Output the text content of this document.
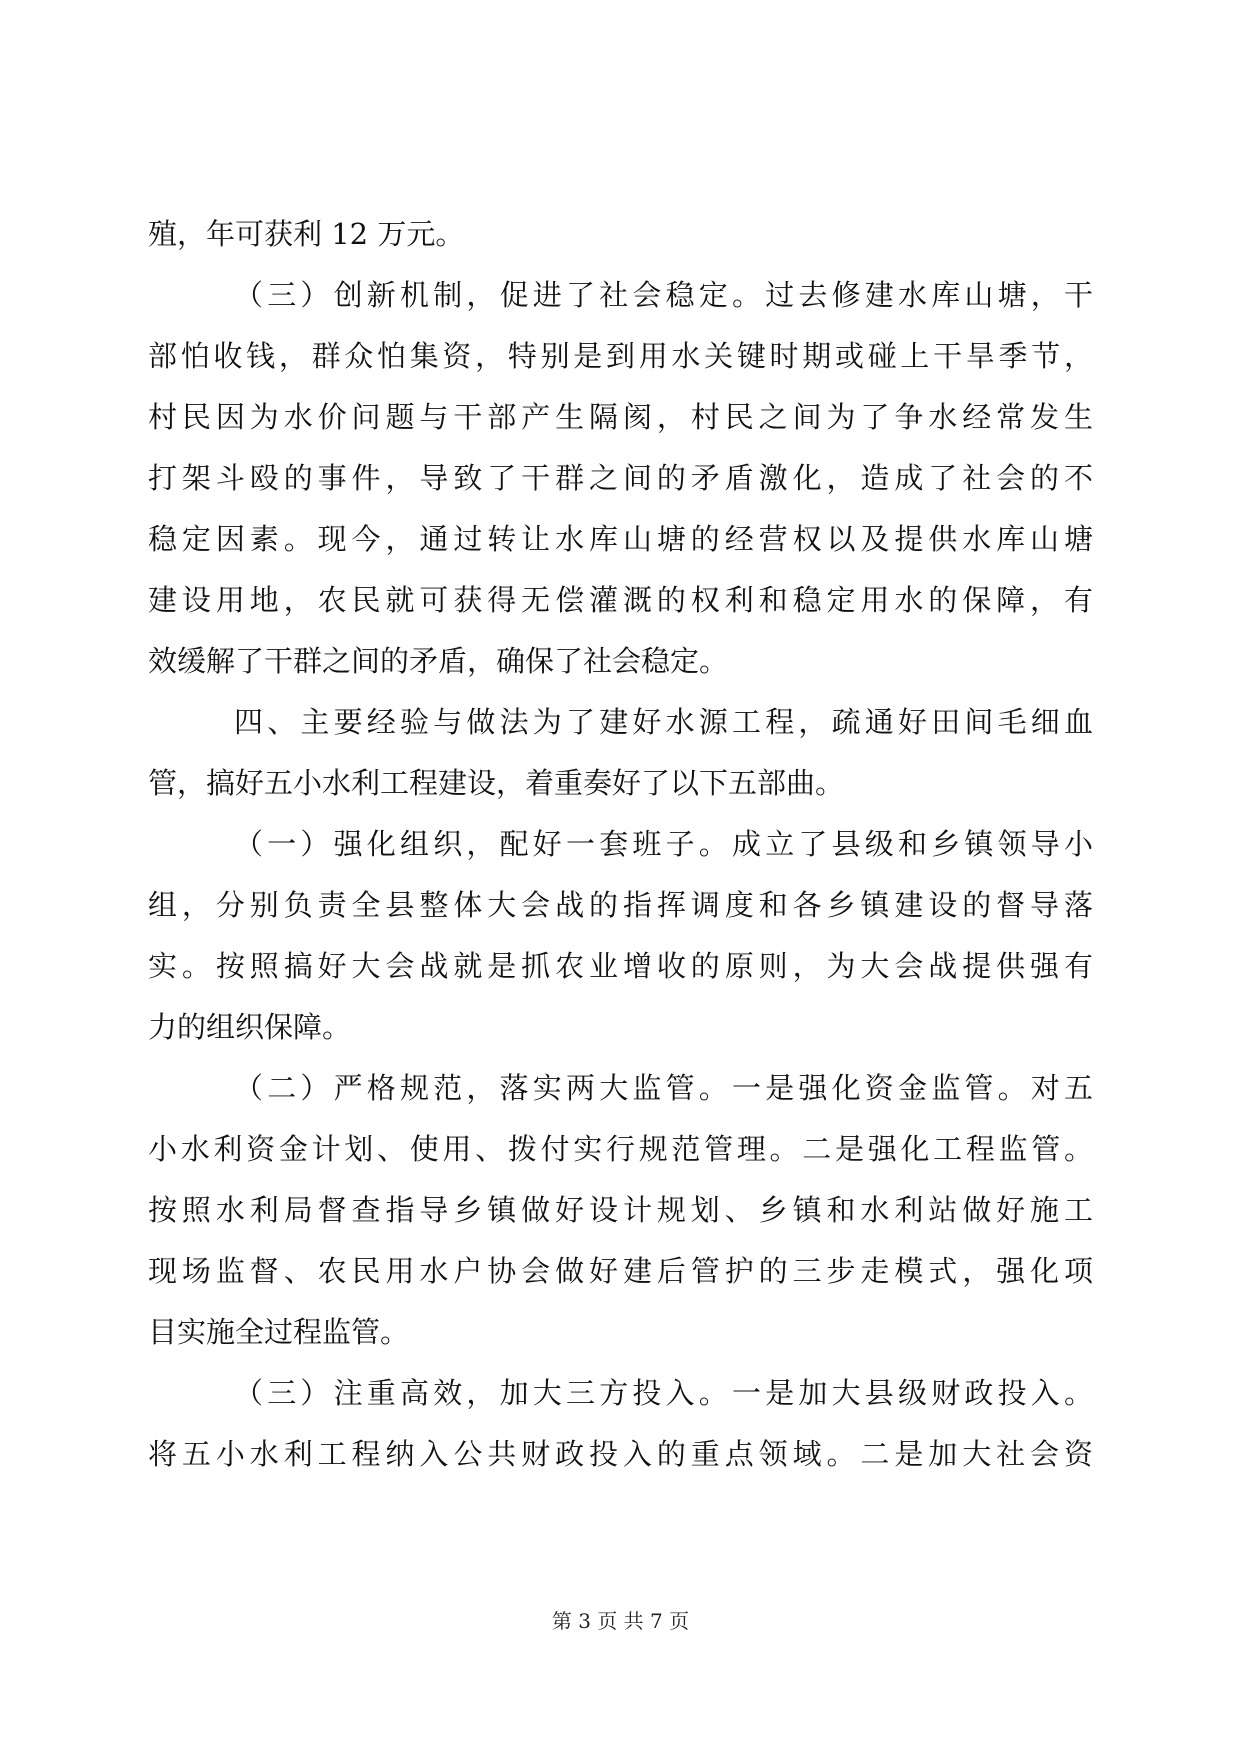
殖，年可获利 12 万元。
（三）创新机制，促进了社会稳定。过去修建水库山塘，干
部怕收钱，群众怕集资，特别是到用水关键时期或碰上干旱季节，
村民因为水价问题与干部产生隔阂，村民之间为了争水经常发生
打架斗殴的事件，导致了干群之间的矛盾激化，造成了社会的不
稳定因素。现今，通过转让水库山塘的经营权以及提供水库山塘
建设用地，农民就可获得无偿灌溉的权利和稳定用水的保障，有
效缓解了干群之间的矛盾，确保了社会稳定。
四、主要经验与做法为了建好水源工程，疏通好田间毛细血
管，搞好五小水利工程建设，着重奏好了以下五部曲。
（一）强化组织，配好一套班子。成立了县级和乡镇领导小
组，分别负责全县整体大会战的指挥调度和各乡镇建设的督导落
实。按照搞好大会战就是抓农业增收的原则，为大会战提供强有
力的组织保障。
（二）严格规范，落实两大监管。一是强化资金监管。对五
小水利资金计划、使用、拨付实行规范管理。二是强化工程监管。
按照水利局督查指导乡镇做好设计规划、乡镇和水利站做好施工
现场监督、农民用水户协会做好建后管护的三步走模式，强化项
目实施全过程监管。
（三）注重高效，加大三方投入。一是加大县级财政投入。
将五小水利工程纳入公共财政投入的重点领域。二是加大社会资
第 3 页 共 7 页
